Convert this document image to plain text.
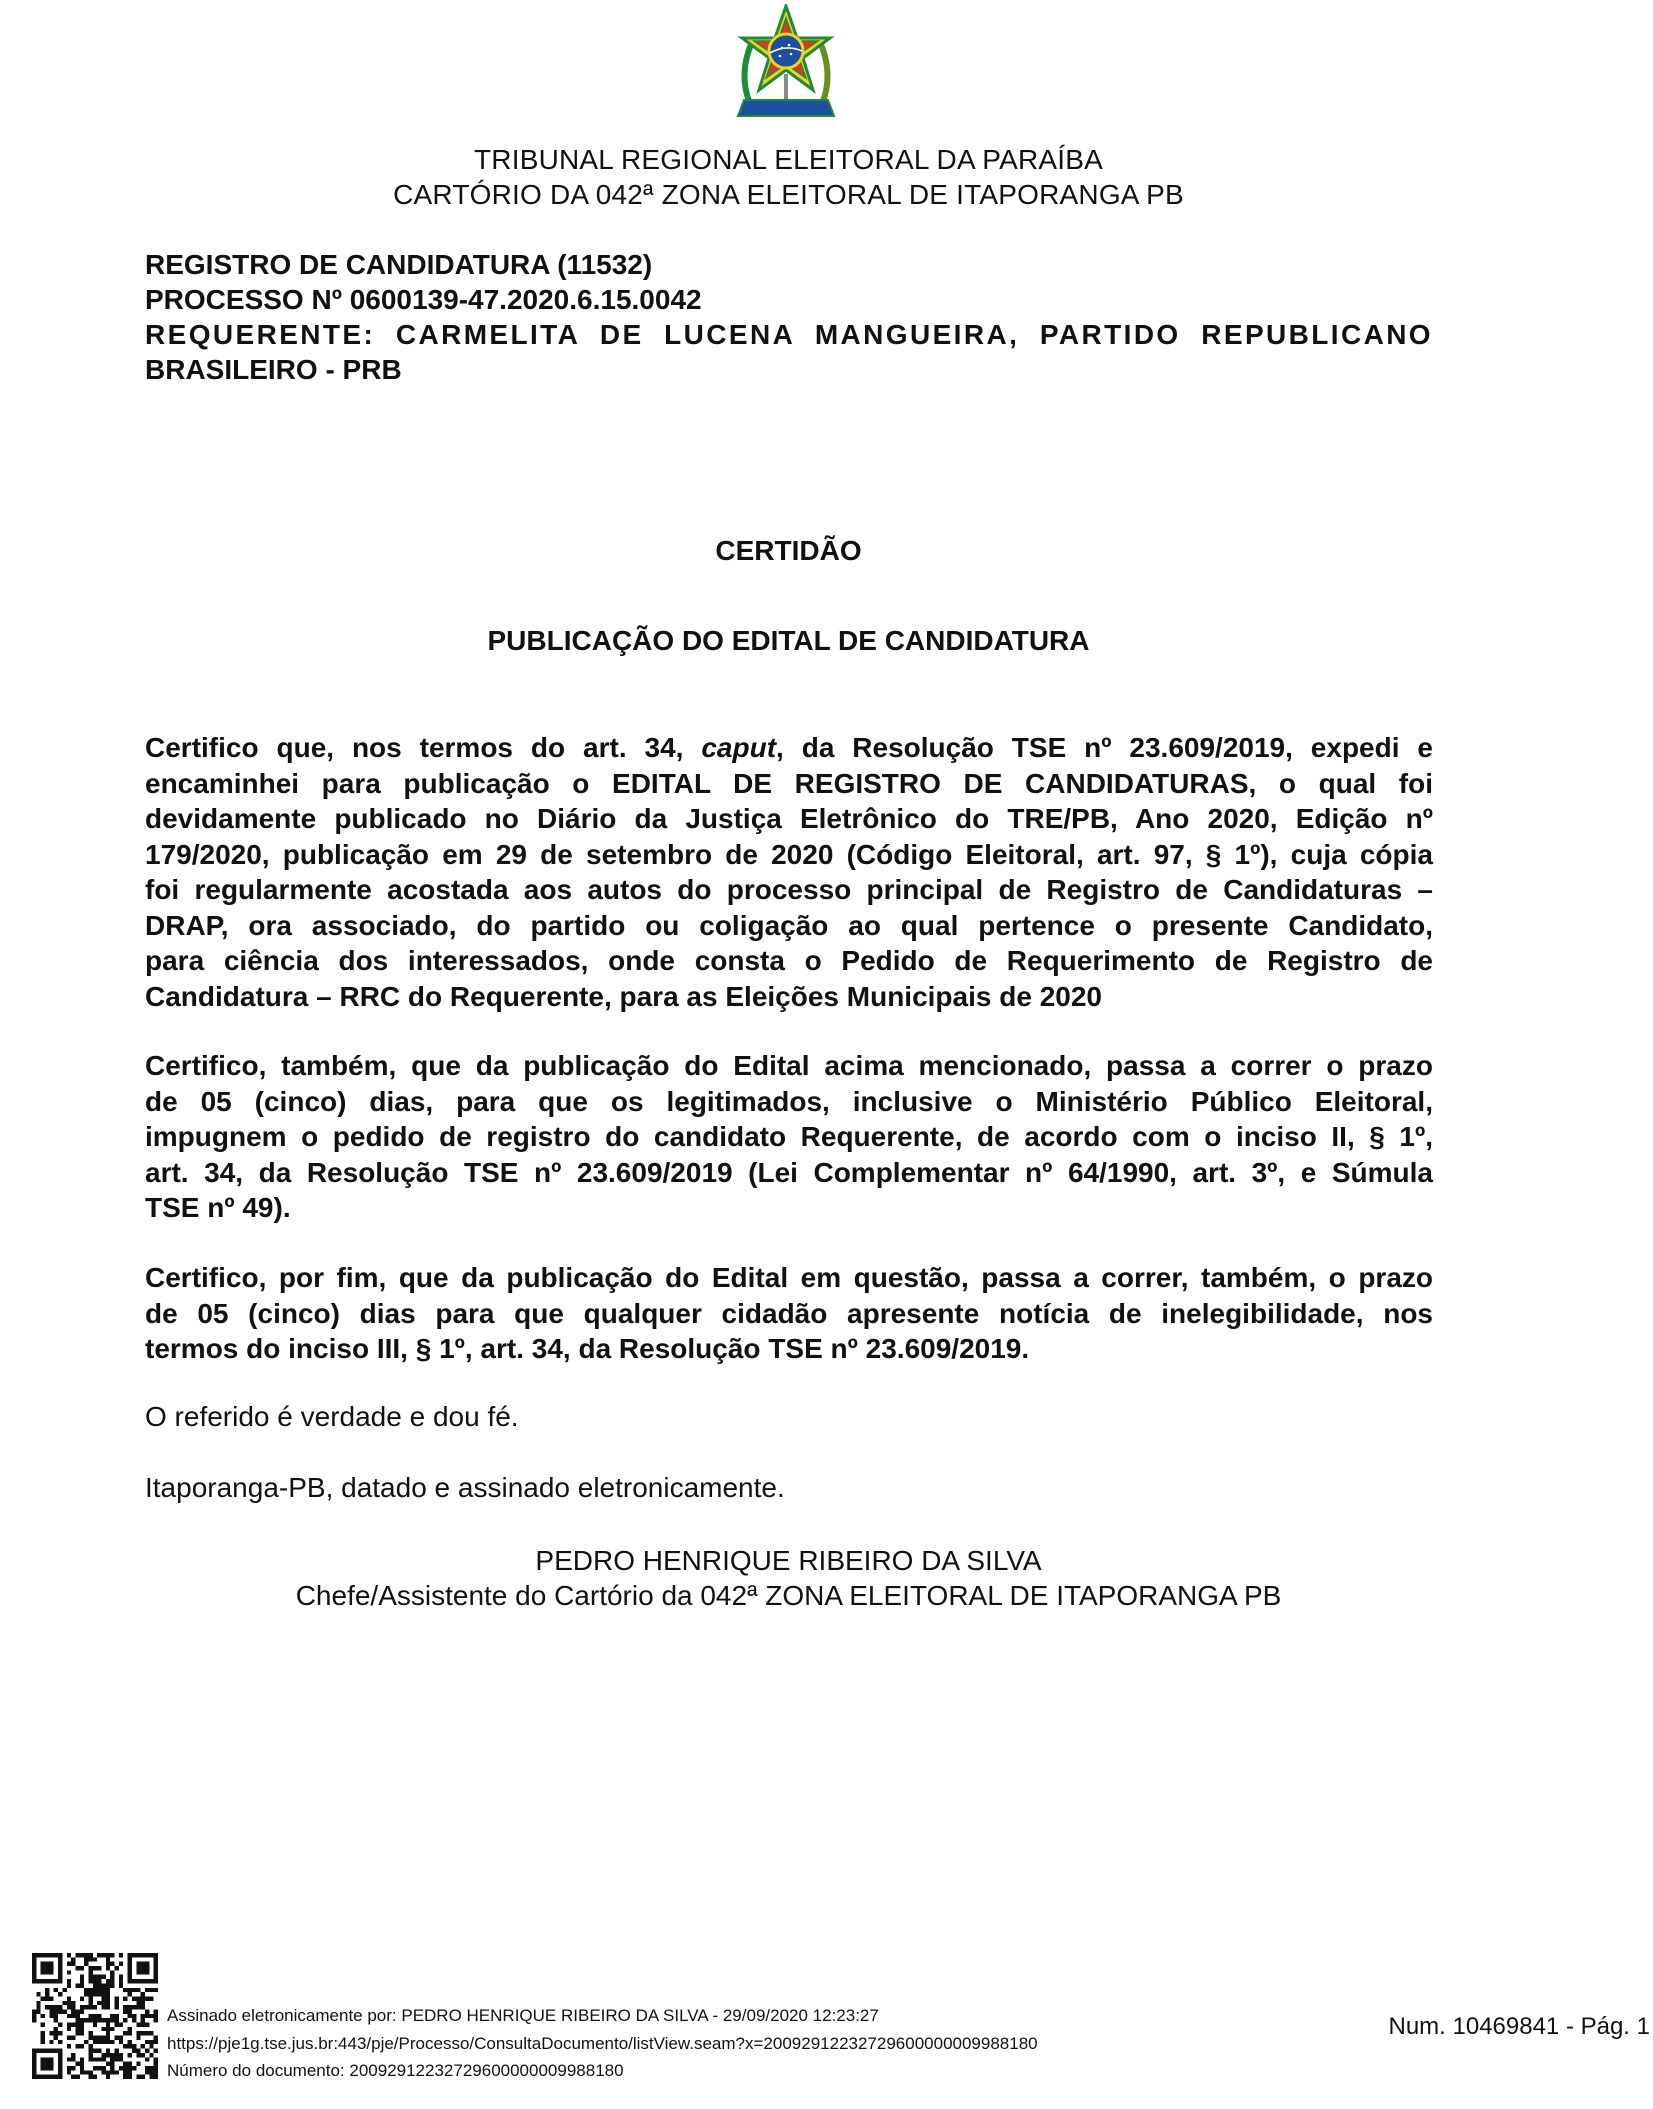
TRIBUNAL REGIONAL ELEITORAL DA PARAÍBA
CARTÓRIO DA 042ª ZONA ELEITORAL DE ITAPORANGA PB
REGISTRO DE CANDIDATURA (11532)
PROCESSO Nº 0600139-47.2020.6.15.0042
REQUERENTE: CARMELITA DE LUCENA MANGUEIRA, PARTIDO REPUBLICANO
BRASILEIRO - PRB
CERTIDÃO
PUBLICAÇÃO DO EDITAL DE CANDIDATURA
Certifico que, nos termos do art. 34, caput, da Resolução TSE nº 23.609/2019, expedi e
encaminhei para publicação o EDITAL DE REGISTRO DE CANDIDATURAS, o qual foi
devidamente publicado no Diário da Justiça Eletrônico do TRE/PB, Ano 2020, Edição nº
179/2020, publicação em 29 de setembro de 2020 (Código Eleitoral, art. 97, § 1º), cuja cópia
foi regularmente acostada aos autos do processo principal de Registro de Candidaturas –
DRAP, ora associado, do partido ou coligação ao qual pertence o presente Candidato,
para ciência dos interessados, onde consta o Pedido de Requerimento de Registro de
Candidatura – RRC do Requerente, para as Eleições Municipais de 2020
Certifico, também, que da publicação do Edital acima mencionado, passa a correr o prazo
de 05 (cinco) dias, para que os legitimados, inclusive o Ministério Público Eleitoral,
impugnem o pedido de registro do candidato Requerente, de acordo com o inciso II, § 1º,
art. 34, da Resolução TSE nº 23.609/2019 (Lei Complementar nº 64/1990, art. 3º, e Súmula
TSE nº 49).
Certifico, por fim, que da publicação do Edital em questão, passa a correr, também, o prazo
de 05 (cinco) dias para que qualquer cidadão apresente notícia de inelegibilidade, nos
termos do inciso III, § 1º, art. 34, da Resolução TSE nº 23.609/2019.
O referido é verdade e dou fé.
Itaporanga-PB, datado e assinado eletronicamente.
PEDRO HENRIQUE RIBEIRO DA SILVA
Chefe/Assistente do Cartório da 042ª ZONA ELEITORAL DE ITAPORANGA PB
Assinado eletronicamente por: PEDRO HENRIQUE RIBEIRO DA SILVA - 29/09/2020 12:23:27
https://pje1g.tse.jus.br:443/pje/Processo/ConsultaDocumento/listView.seam?x=20092912232729600000009988180
Número do documento: 20092912232729600000009988180
Num. 10469841 - Pág. 1
